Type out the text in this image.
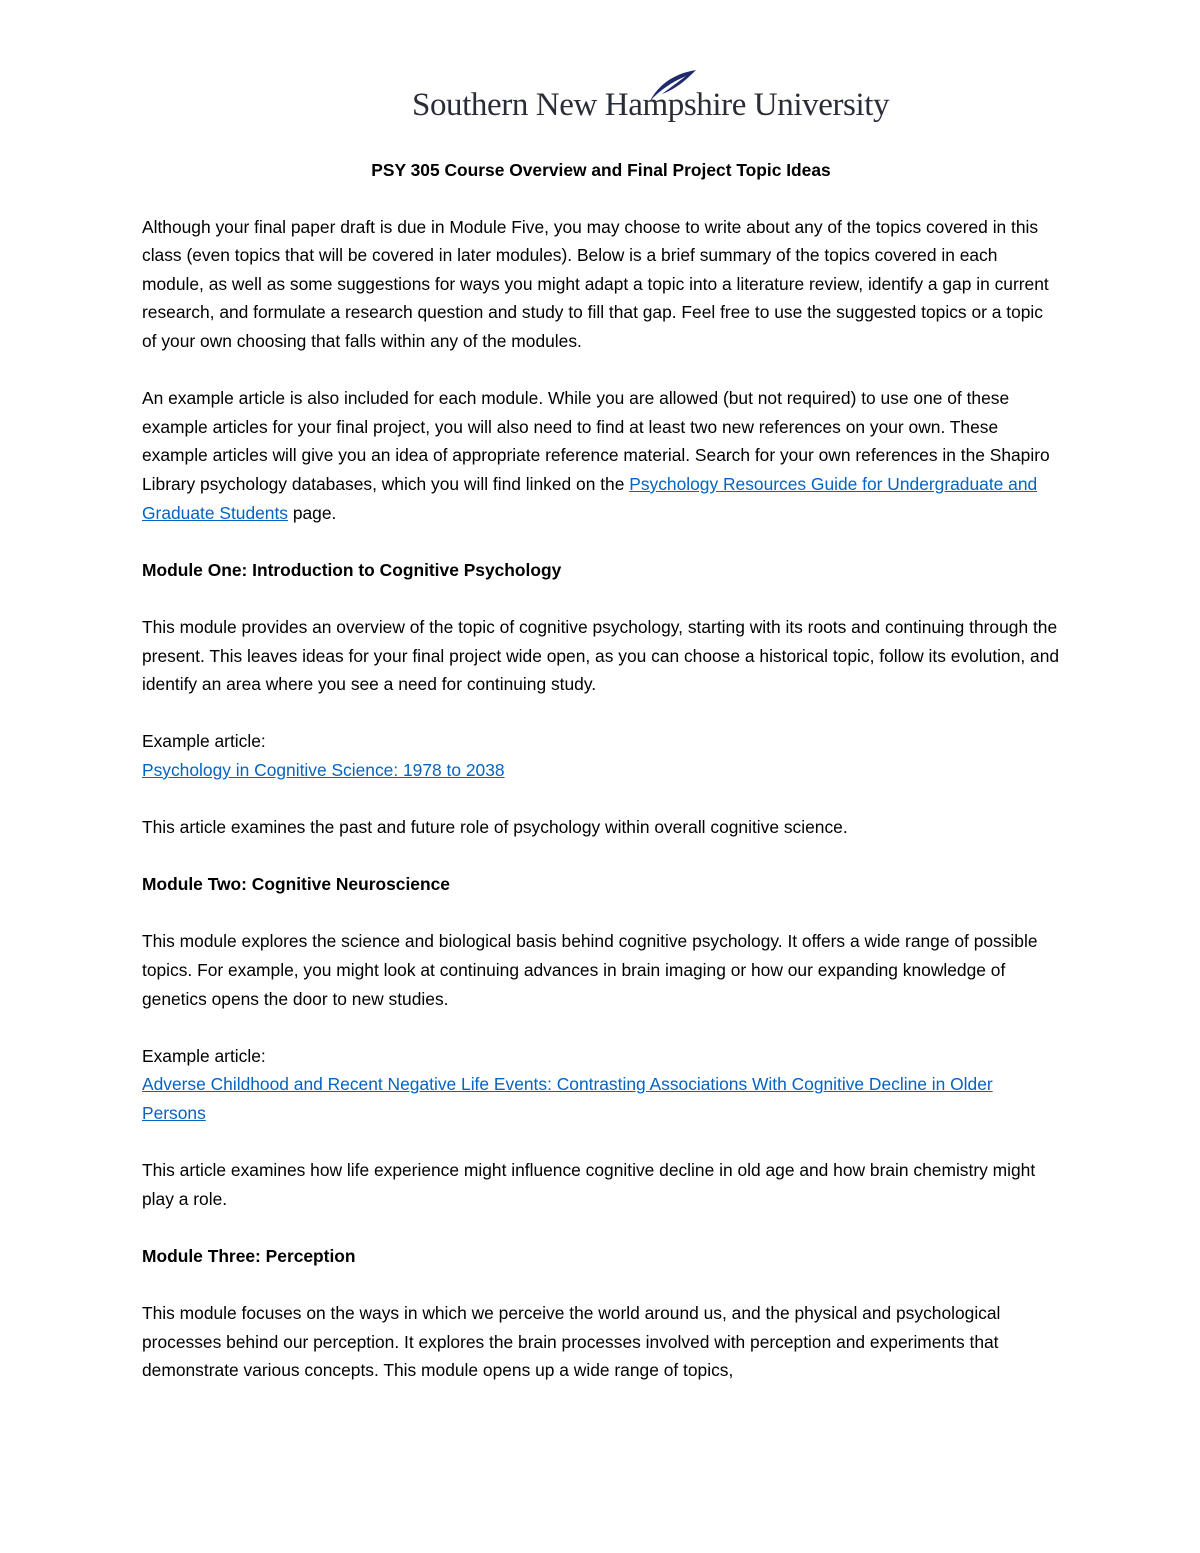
Southern New Hampshire University
PSY 305 Course Overview and Final Project Topic Ideas

Although your final paper draft is due in Module Five, you may choose to write about any of the topics covered in this class (even topics that will be covered in later modules). Below is a brief summary of the topics covered in each module, as well as some suggestions for ways you might adapt a topic into a literature review, identify a gap in current research, and formulate a research question and study to fill that gap. Feel free to use the suggested topics or a topic of your own choosing that falls within any of the modules.

An example article is also included for each module. While you are allowed (but not required) to use one of these example articles for your final project, you will also need to find at least two new references on your own. These example articles will give you an idea of appropriate reference material. Search for your own references in the Shapiro Library psychology databases, which you will find linked on the Psychology Resources Guide for Undergraduate and Graduate Students page.

Module One: Introduction to Cognitive Psychology

This module provides an overview of the topic of cognitive psychology, starting with its roots and continuing through the present. This leaves ideas for your final project wide open, as you can choose a historical topic, follow its evolution, and identify an area where you see a need for continuing study.

Example article:

Psychology in Cognitive Science: 1978 to 2038

This article examines the past and future role of psychology within overall cognitive science.

Module Two: Cognitive Neuroscience

This module explores the science and biological basis behind cognitive psychology. It offers a wide range of possible topics. For example, you might look at continuing advances in brain imaging or how our expanding knowledge of genetics opens the door to new studies.

Example article:

Adverse Childhood and Recent Negative Life Events: Contrasting Associations With Cognitive Decline in Older Persons

This article examines how life experience might influence cognitive decline in old age and how brain chemistry might play a role.

Module Three: Perception

This module focuses on the ways in which we perceive the world around us, and the physical and psychological processes behind our perception. It explores the brain processes involved with perception and experiments that demonstrate various concepts. This module opens up a wide range of topics,
